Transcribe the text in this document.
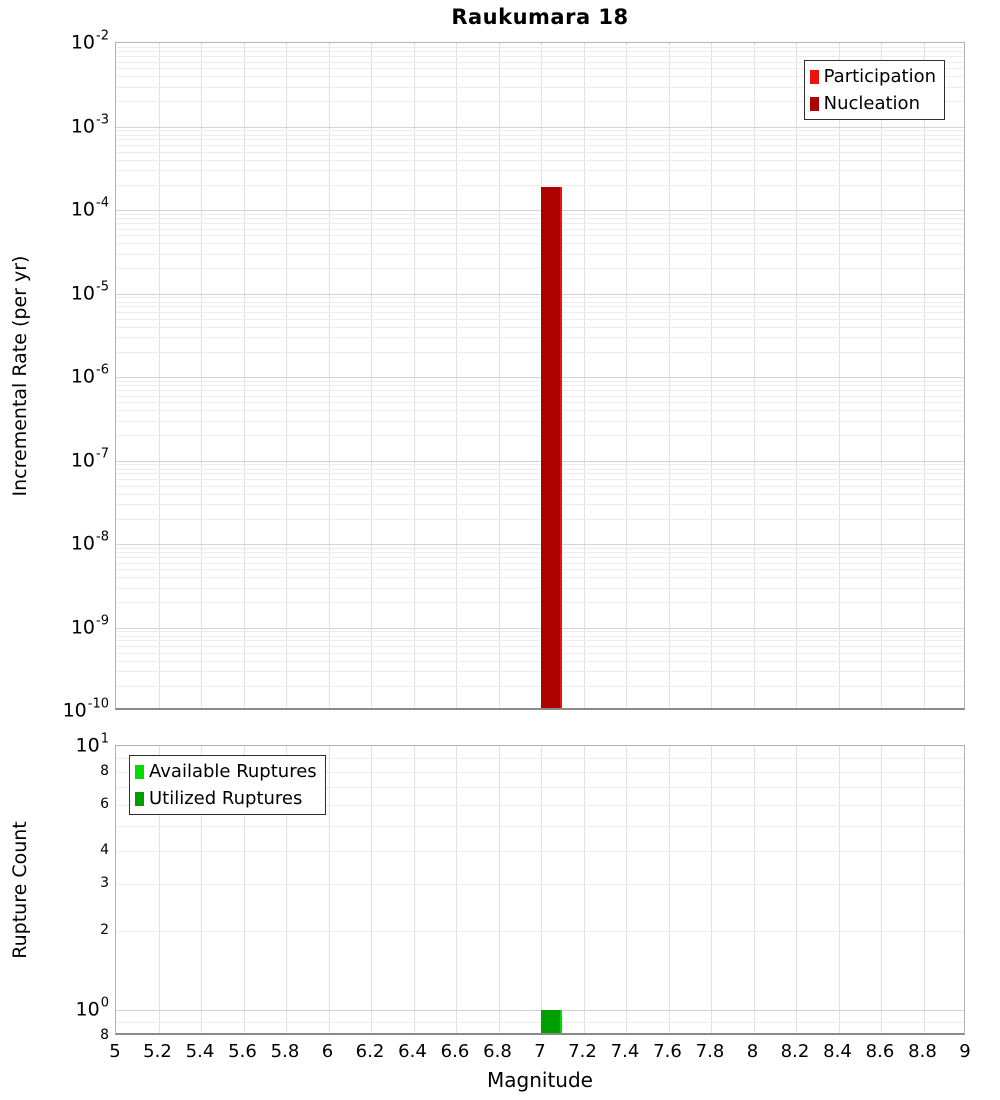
Raukumara 18
Incremental Rate (per yr)
Rupture Count
Participation
Nucleation
Available Ruptures
Utilized Ruptures
5 5.2 5.4 5.6 5.8 6 6.2 6.4 6.6 6.8 7 7.2 7.4 7.6 7.8 8 8.2 8.4 8.6 8.8 9
Magnitude
$10^{-2}$
$10^{-3}$
$10^{-4}$
$10^{-5}$
$10^{-6}$
$10^{-7}$
$10^{-8}$
$10^{-9}$
$10^{-10}$
$10^1$
8
6
4
3
2
$10^0$
8
